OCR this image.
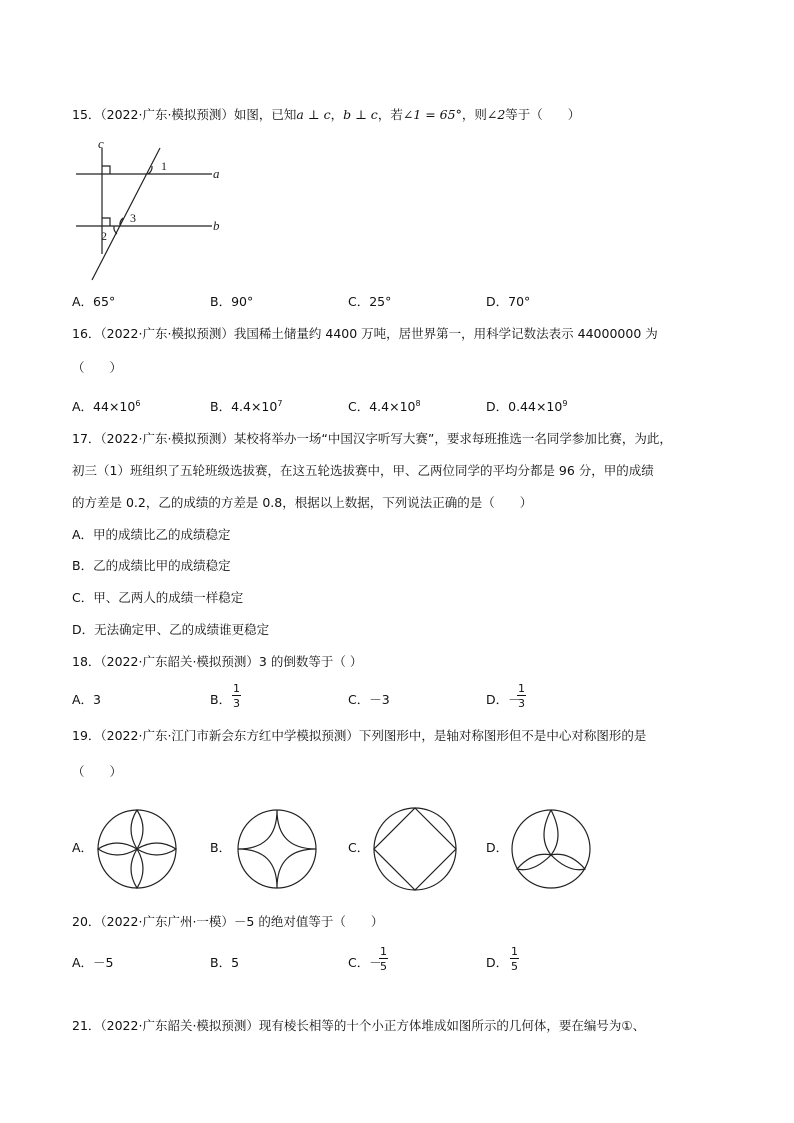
15．（2022·广东·模拟预测）如图，已知a ⊥ c，b ⊥ c，若∠1 = 65°，则∠2等于（　　）
c
a
b
1
3
2
A．65°	B．90°	C．25°	D．70°
16．（2022·广东·模拟预测）我国稀土储量约 4400 万吨，居世界第一，用科学记数法表示 44000000 为
（　　）
A．$44\times 10^6$	B．$4.4\times 10^7$	C．$4.4\times 10^8$	D．$0.44\times 10^9$
17．（2022·广东·模拟预测）某校将举办一场“中国汉字听写大赛”，要求每班推选一名同学参加比赛，为此，
初三（1）班组织了五轮班级选拔赛，在这五轮选拔赛中，甲、乙两位同学的平均分都是 96 分，甲的成绩
的方差是 0.2，乙的成绩的方差是 0.8，根据以上数据，下列说法正确的是（　　）
A．甲的成绩比乙的成绩稳定
B．乙的成绩比甲的成绩稳定
C．甲、乙两人的成绩一样稳定
D．无法确定甲、乙的成绩谁更稳定
18．（2022·广东韶关·模拟预测）3 的倒数等于（ ）
A．3	B．
1
3	C．－3	D．－
1
3
19．（2022·广东·江门市新会东方红中学模拟预测）下列图形中，是轴对称图形但不是中心对称图形的是
（　　）
A．	B．	C．	D．
20．（2022·广东广州·一模）－5 的绝对值等于（　　）
A．－5	B．5	C．－
1
5	D．
1
5
21．（2022·广东韶关·模拟预测）现有棱长相等的十个小正方体堆成如图所示的几何体，要在编号为①、
